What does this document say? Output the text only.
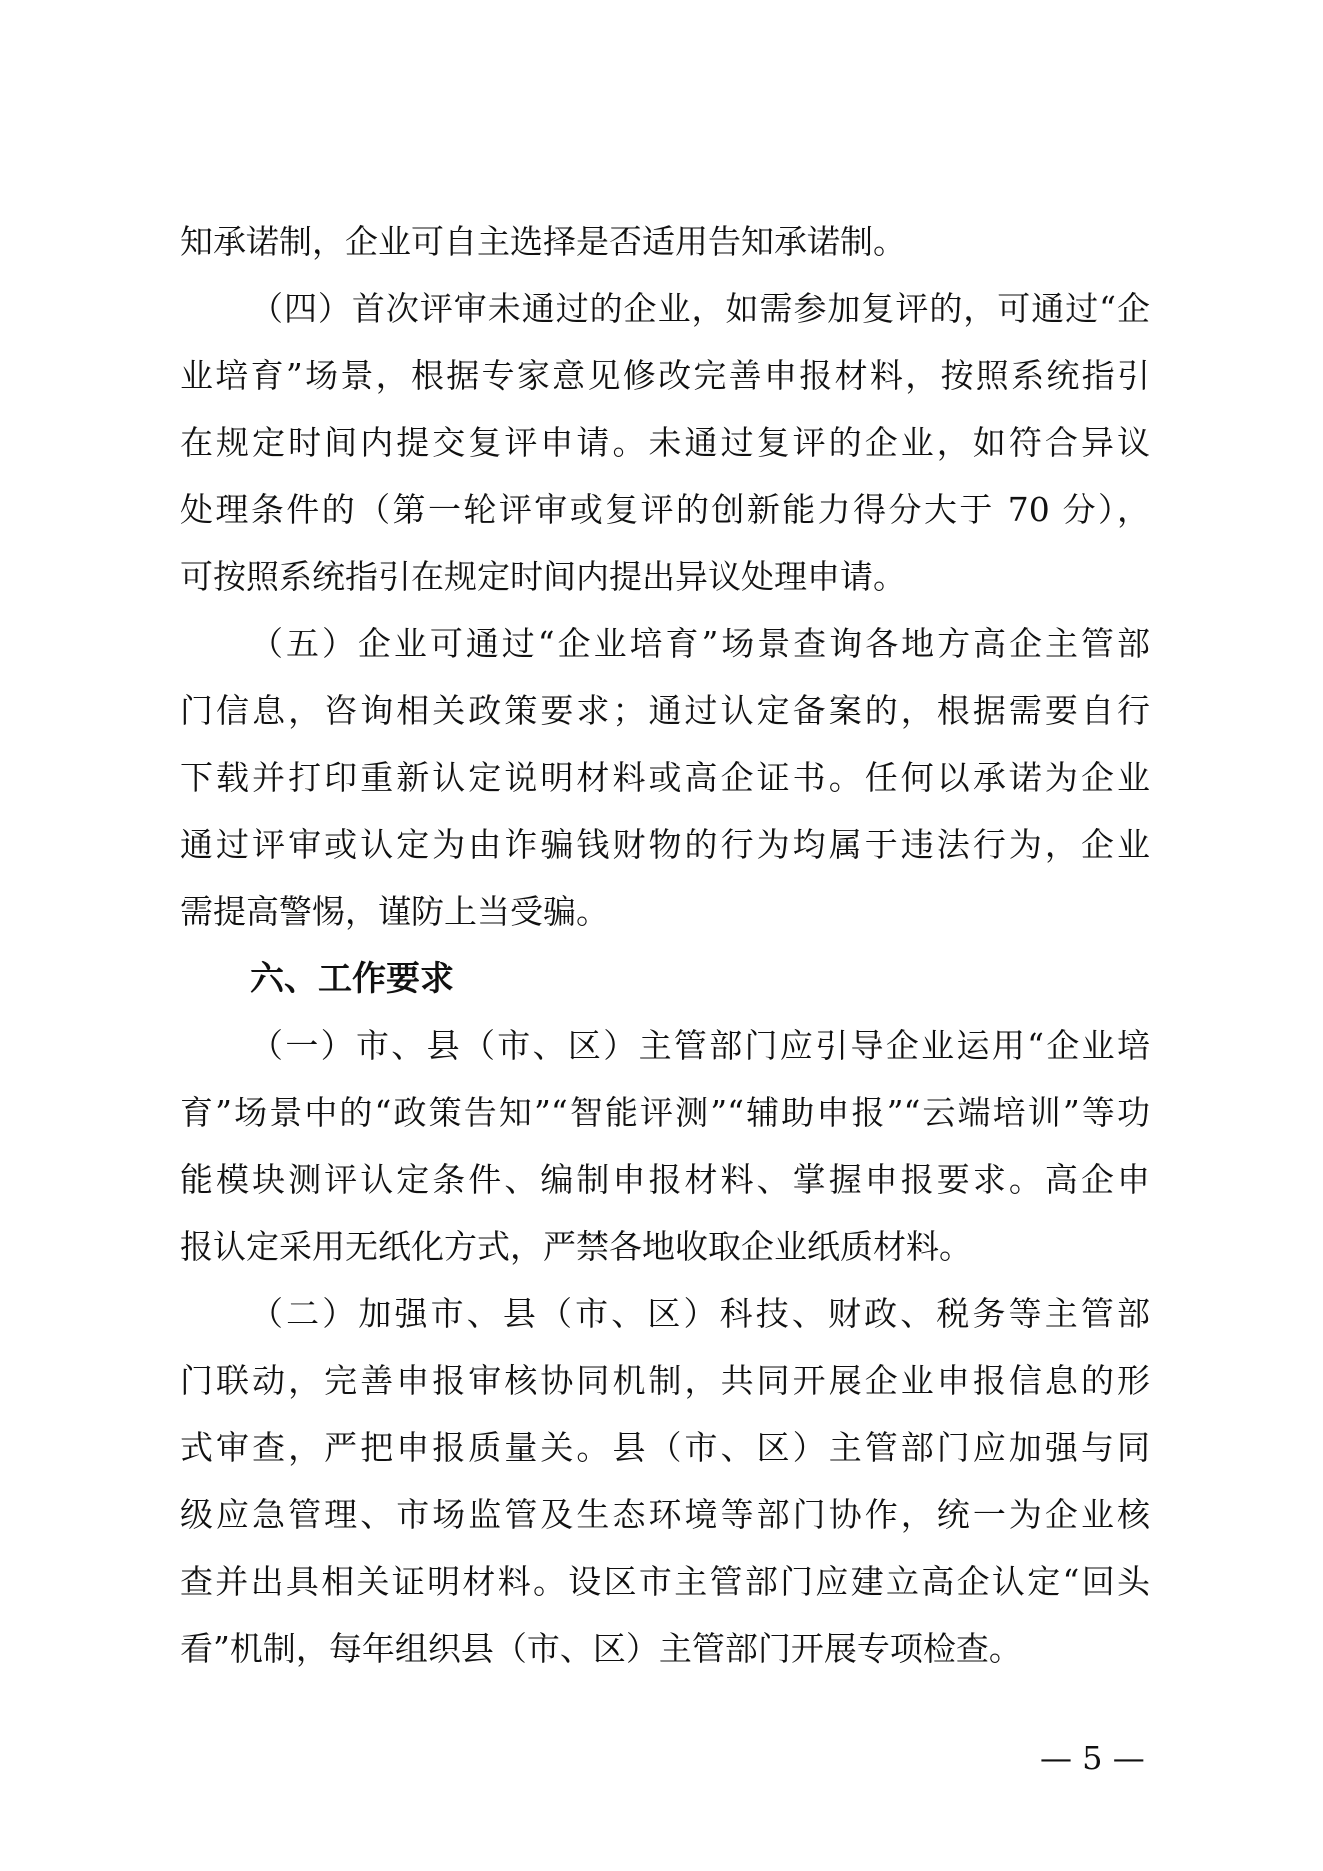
知承诺制，企业可自主选择是否适用告知承诺制。
（四）首次评审未通过的企业，如需参加复评的，可通过“企
业培育”场景，根据专家意见修改完善申报材料，按照系统指引
在规定时间内提交复评申请。未通过复评的企业，如符合异议
处理条件的（第一轮评审或复评的创新能力得分大于 70 分），
可按照系统指引在规定时间内提出异议处理申请。
（五）企业可通过“企业培育”场景查询各地方高企主管部
门信息，咨询相关政策要求；通过认定备案的，根据需要自行
下载并打印重新认定说明材料或高企证书。任何以承诺为企业
通过评审或认定为由诈骗钱财物的行为均属于违法行为，企业
需提高警惕，谨防上当受骗。
六、工作要求
（一）市、县（市、区）主管部门应引导企业运用“企业培
育”场景中的“政策告知”“智能评测”“辅助申报”“云端培训”等功
能模块测评认定条件、编制申报材料、掌握申报要求。高企申
报认定采用无纸化方式，严禁各地收取企业纸质材料。
（二）加强市、县（市、区）科技、财政、税务等主管部
门联动，完善申报审核协同机制，共同开展企业申报信息的形
式审查，严把申报质量关。县（市、区）主管部门应加强与同
级应急管理、市场监管及生态环境等部门协作，统一为企业核
查并出具相关证明材料。设区市主管部门应建立高企认定“回头
看”机制，每年组织县（市、区）主管部门开展专项检查。
— 5 —
